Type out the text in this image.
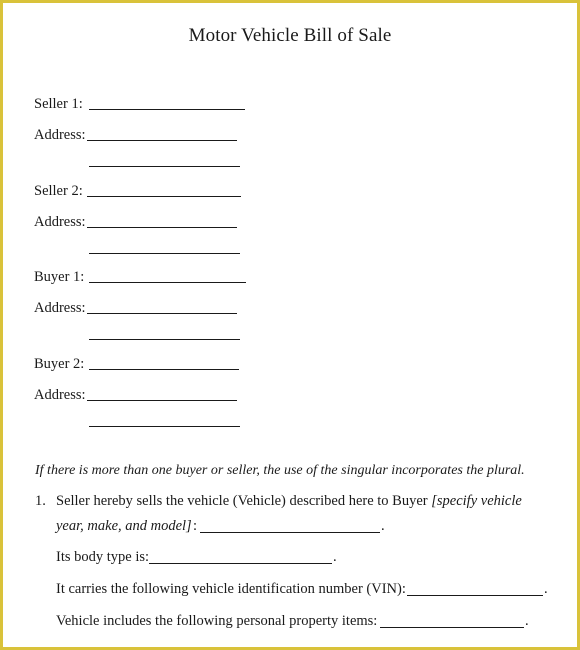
Motor Vehicle Bill of Sale
Seller 1:
Address:
Seller 2:
Address:
Buyer 1:
Address:
Buyer 2:
Address:
If there is more than one buyer or seller, the use of the singular incorporates the plural.
1. Seller hereby sells the vehicle (Vehicle) described here to Buyer [specify vehicle
year, make, and model] :	.
Its body type is:	.
It carries the following vehicle identification number (VIN):	.
Vehicle includes the following personal property items:	.
